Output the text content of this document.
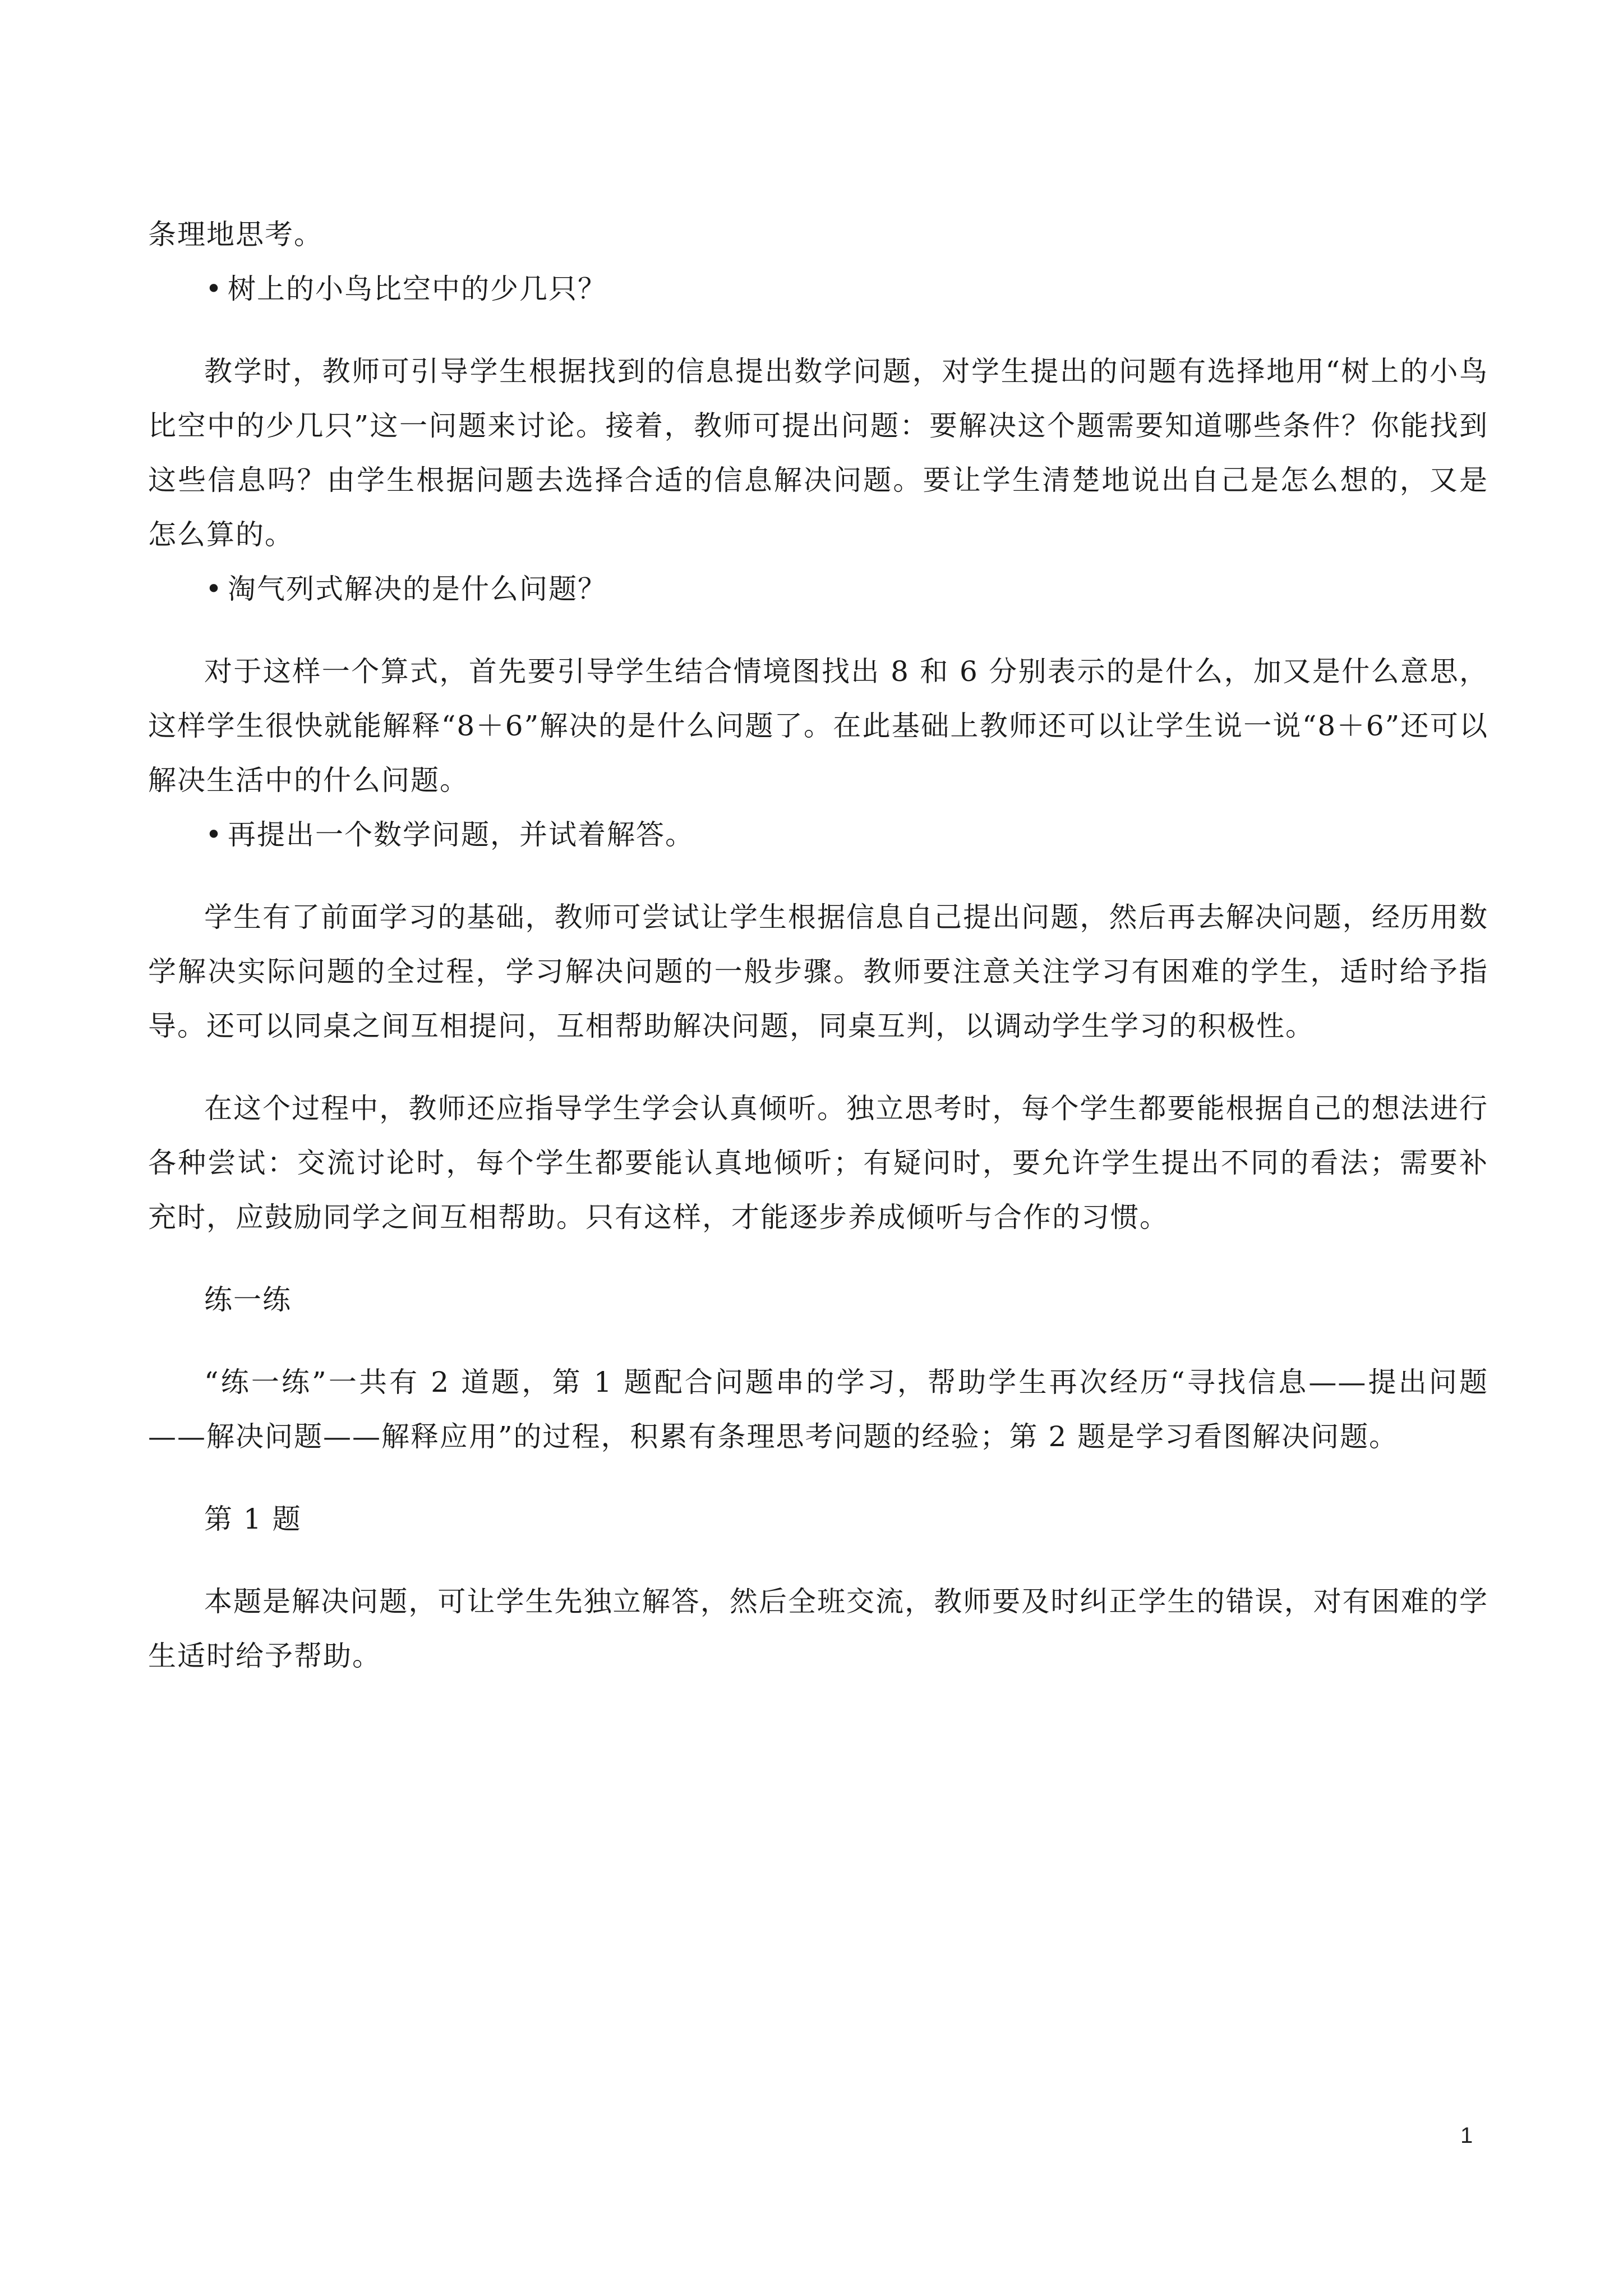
条理地思考。

• 树上的小鸟比空中的少几只？

教学时，教师可引导学生根据找到的信息提出数学问题，对学生提出的问题有选择地用“树上的小鸟比空中的少几只”这一问题来讨论。接着，教师可提出问题：要解决这个题需要知道哪些条件？你能找到这些信息吗？由学生根据问题去选择合适的信息解决问题。要让学生清楚地说出自己是怎么想的，又是怎么算的。

• 淘气列式解决的是什么问题？

对于这样一个算式，首先要引导学生结合情境图找出 8 和 6 分别表示的是什么，加又是什么意思，这样学生很快就能解释“8＋6”解决的是什么问题了。在此基础上教师还可以让学生说一说“8＋6”还可以解决生活中的什么问题。

• 再提出一个数学问题，并试着解答。

学生有了前面学习的基础，教师可尝试让学生根据信息自己提出问题，然后再去解决问题，经历用数学解决实际问题的全过程，学习解决问题的一般步骤。教师要注意关注学习有困难的学生，适时给予指导。还可以同桌之间互相提问，互相帮助解决问题，同桌互判，以调动学生学习的积极性。

在这个过程中，教师还应指导学生学会认真倾听。独立思考时，每个学生都要能根据自己的想法进行各种尝试：交流讨论时，每个学生都要能认真地倾听；有疑问时，要允许学生提出不同的看法；需要补充时，应鼓励同学之间互相帮助。只有这样，才能逐步养成倾听与合作的习惯。

练一练

“练一练”一共有 2 道题，第 1 题配合问题串的学习，帮助学生再次经历“寻找信息——提出问题——解决问题——解释应用”的过程，积累有条理思考问题的经验；第 2 题是学习看图解决问题。

第 1 题

本题是解决问题，可让学生先独立解答，然后全班交流，教师要及时纠正学生的错误，对有困难的学生适时给予帮助。

1
